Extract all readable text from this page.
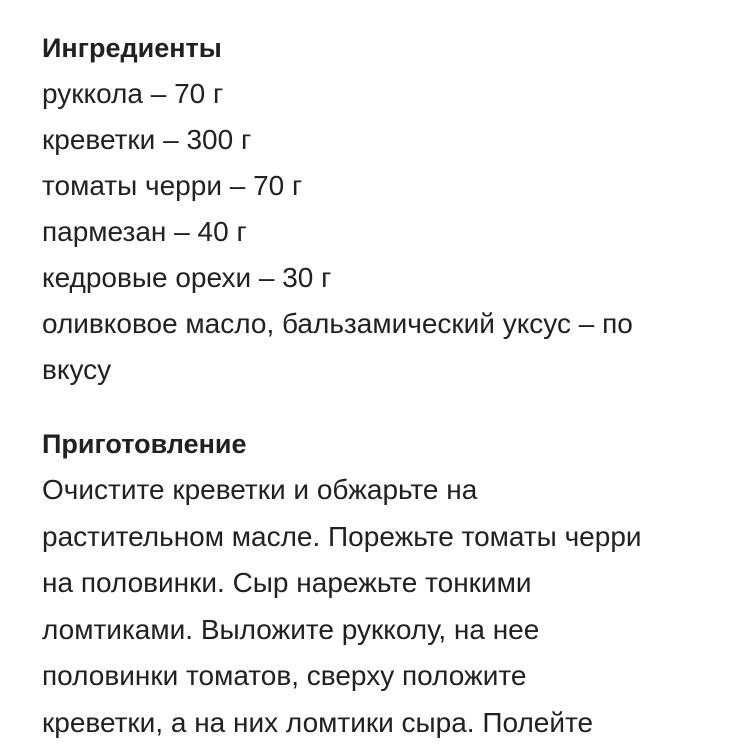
Ингредиенты
руккола – 70 г
креветки – 300 г
томаты черри – 70 г
пармезан – 40 г
кедровые орехи – 30 г
оливковое масло, бальзамический уксус – по
вкусу
Приготовление

Очистите креветки и обжарьте на

растительном масле. Порежьте томаты черри

на половинки. Сыр нарежьте тонкими

ломтиками. Выложите рукколу, на нее

половинки томатов, сверху положите

креветки, а на них ломтики сыра. Полейте
